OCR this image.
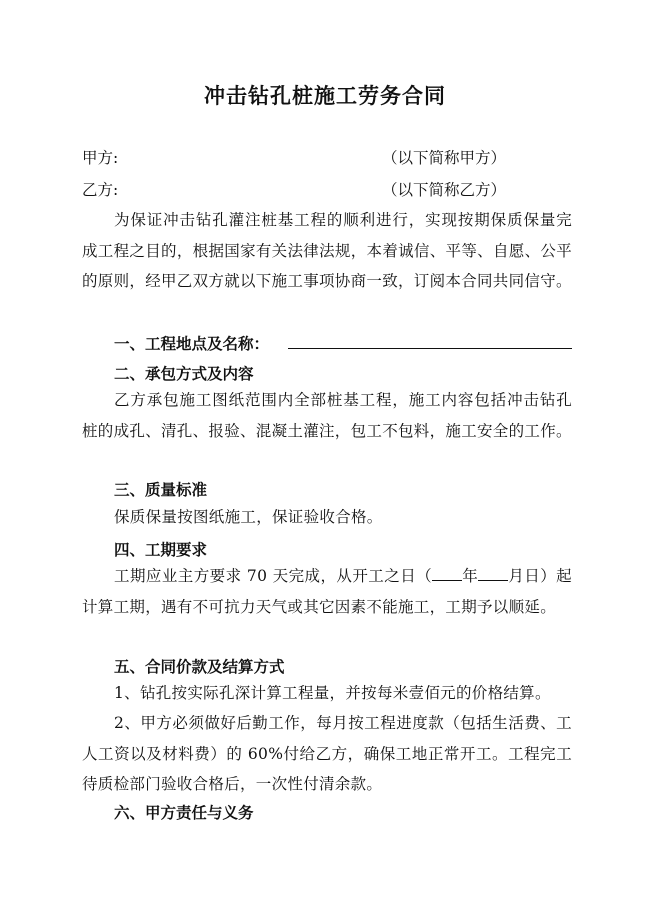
冲击钻孔桩施工劳务合同
甲方:	（以下简称甲方）
乙方:	（以下简称乙方）
为保证冲击钻孔灌注桩基工程的顺利进行，实现按期保质保量完成工程之目的，根据国家有关法律法规，本着诚信、平等、自愿、公平的原则，经甲乙双方就以下施工事项协商一致，订阅本合同共同信守。
一、工程地点及名称：
二、承包方式及内容
乙方承包施工图纸范围内全部桩基工程，施工内容包括冲击钻孔桩的成孔、清孔、报验、混凝土灌注，包工不包料，施工安全的工作。
三、质量标准
保质保量按图纸施工，保证验收合格。
四、工期要求
工期应业主方要求 70 天完成，从开工之日（ 年 月日）起计算工期，遇有不可抗力天气或其它因素不能施工，工期予以顺延。
五、合同价款及结算方式
1、钻孔按实际孔深计算工程量，并按每米壹佰元的价格结算。
2、甲方必须做好后勤工作，每月按工程进度款（包括生活费、工人工资以及材料费）的 60%付给乙方，确保工地正常开工。工程完工待质检部门验收合格后，一次性付清余款。
六、甲方责任与义务
